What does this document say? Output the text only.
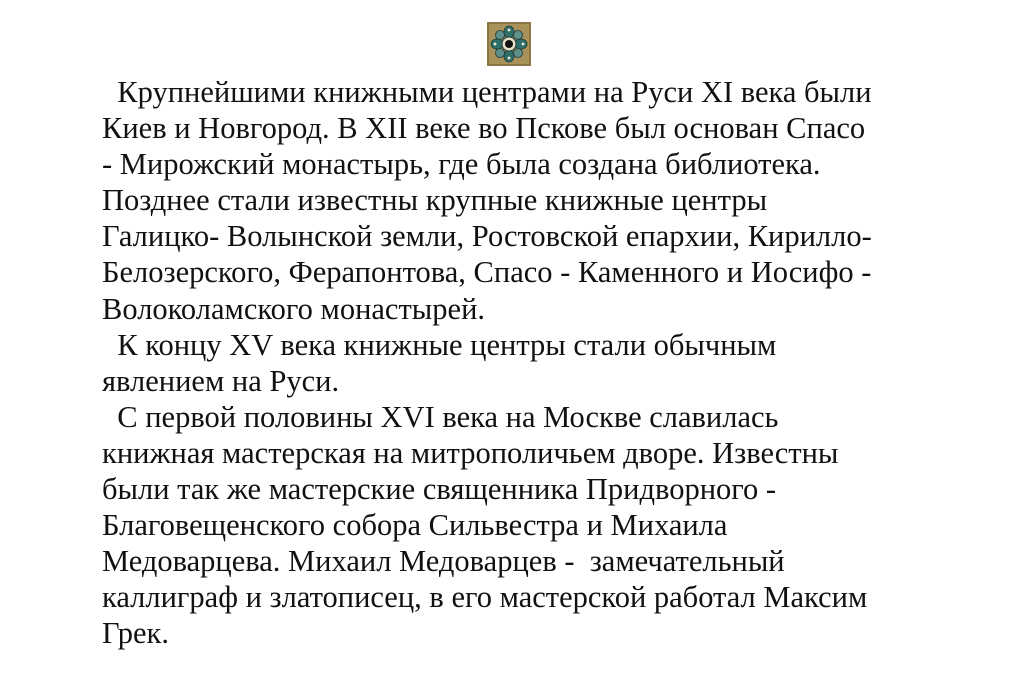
Крупнейшими книжными центрами на Руси XI века были
Киев и Новгород. В XII веке во Пскове был основан Спасо
- Мирожский монастырь, где была создана библиотека.
Позднее стали известны крупные книжные центры
Галицко- Волынской земли, Ростовской епархии, Кирилло-
Белозерского, Ферапонтова, Спасо - Каменного и Иосифо -
Волоколамского монастырей.
К концу XV века книжные центры стали обычным
явлением на Руси.
С первой половины XVI века на Москве славилась
книжная мастерская на митрополичьем дворе. Известны
были так же мастерские священника Придворного -
Благовещенского собора Сильвестра и Михаила
Медоварцева. Михаил Медоварцев -  замечательный
каллиграф и златописец, в его мастерской работал Максим
Грек.
